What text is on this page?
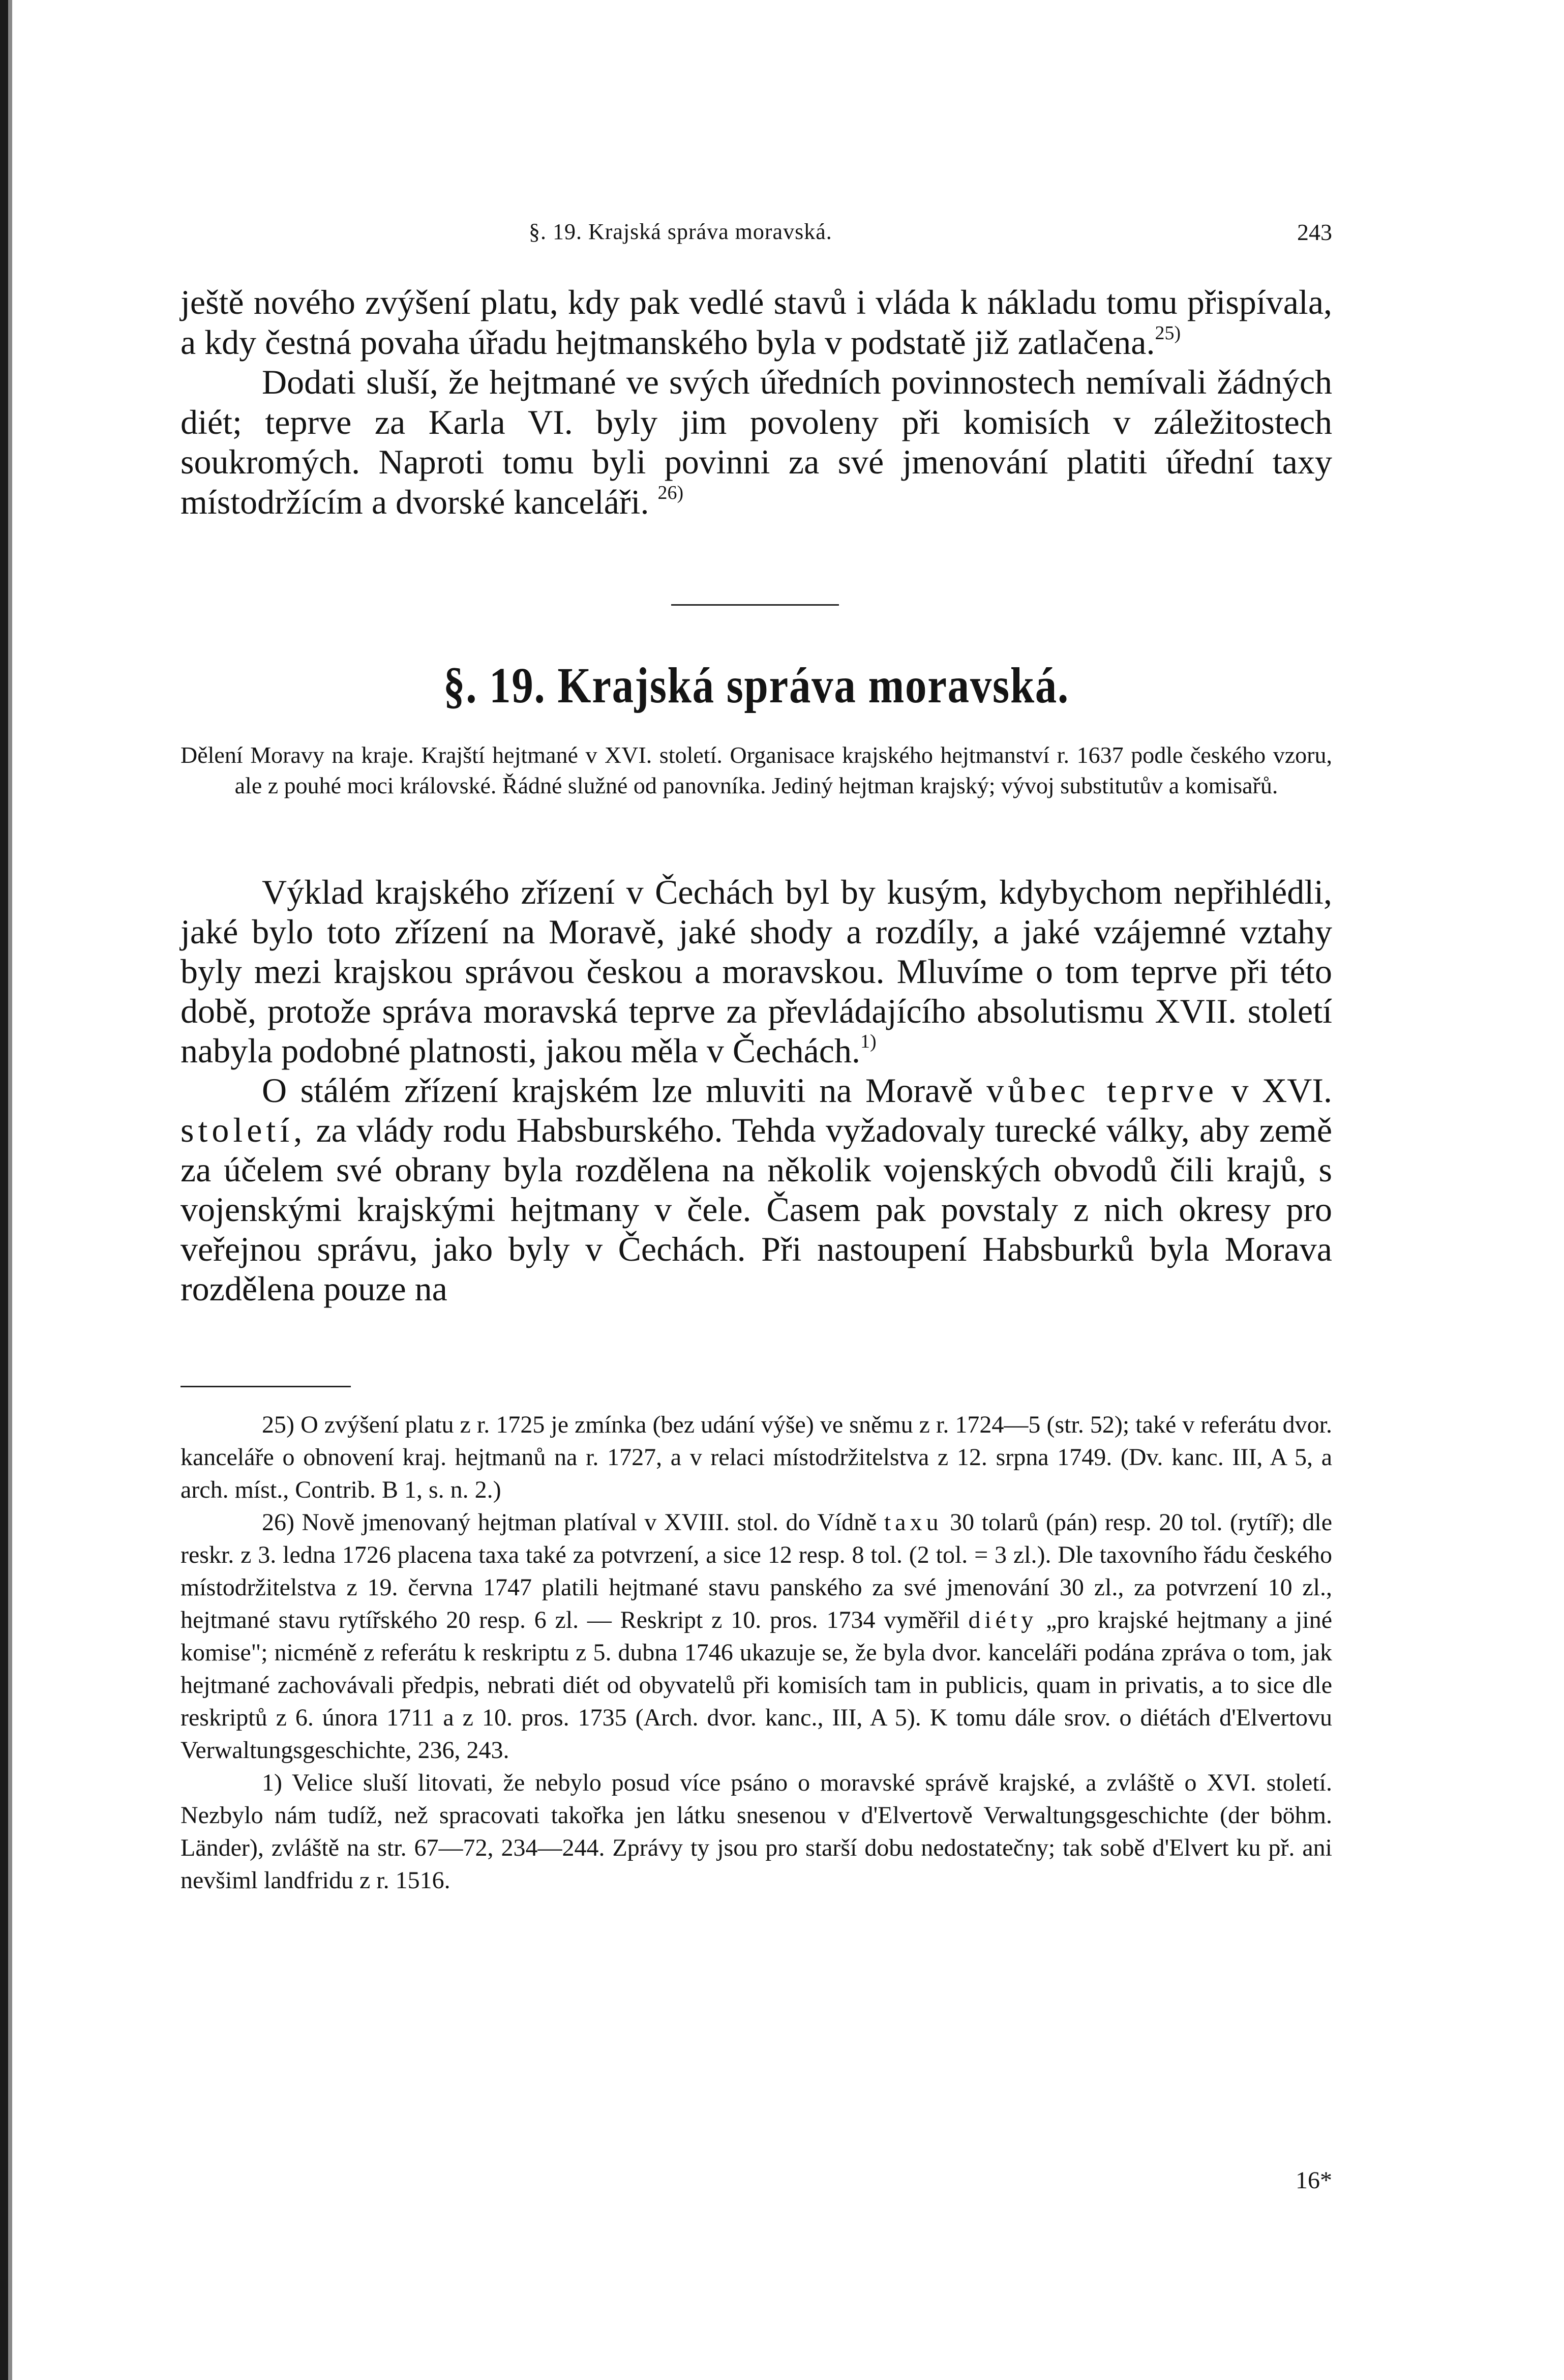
§. 19. Krajská správa moravská.	243

ještě nového zvýšení platu, kdy pak vedlé stavů i vláda k nákladu tomu přispívala, a kdy čestná povaha úřadu hejtmanského byla v podstatě již zatlačena.$^{25)}$

Dodati sluší, že hejtmané ve svých úředních povinnostech nemívali žádných diét; teprve za Karla VI. byly jim povoleny při komisích v záležitostech soukromých. Naproti tomu byli povinni za své jmenování platiti úřední taxy místodržícím a dvorské kanceláři. $^{26)}$

§. 19. Krajská správa moravská.
Dělení Moravy na kraje. Krajští hejtmané v XVI. století. Organisace krajského hejtmanství r. 1637 podle českého vzoru, ale z pouhé moci královské. Řádné služné od panovníka. Jediný hejtman krajský; vývoj substitutův a komisařů.

Výklad krajského zřízení v Čechách byl by kusým, kdybychom nepřihlédli, jaké bylo toto zřízení na Moravě, jaké shody a rozdíly, a jaké vzájemné vztahy byly mezi krajskou správou českou a moravskou. Mluvíme o tom teprve při této době, protože správa moravská teprve za převládajícího absolutismu XVII. století nabyla podobné platnosti, jakou měla v Čechách.$^{1)}$

O stálém zřízení krajském lze mluviti na Moravě vůbec teprve v XVI. století, za vlády rodu Habsburského. Tehda vyžadovaly turecké války, aby země za účelem své obrany byla rozdělena na několik vojenských obvodů čili krajů, s vojenskými krajskými hejtmany v čele. Časem pak povstaly z nich okresy pro veřejnou správu, jako byly v Čechách. Při nastoupení Habsburků byla Morava rozdělena pouze na

25) O zvýšení platu z r. 1725 je zmínka (bez udání výše) ve sněmu z r. 1724—5 (str. 52); také v referátu dvor. kanceláře o obnovení kraj. hejtmanů na r. 1727, a v relaci místodržitelstva z 12. srpna 1749. (Dv. kanc. III, A 5, a arch. míst., Contrib. B 1, s. n. 2.)

26) Nově jmenovaný hejtman platíval v XVIII. stol. do Vídně taxu 30 tolarů (pán) resp. 20 tol. (rytíř); dle reskr. z 3. ledna 1726 placena taxa také za potvrzení, a sice 12 resp. 8 tol. (2 tol. = 3 zl.). Dle taxovního řádu českého místodržitelstva z 19. června 1747 platili hejtmané stavu panského za své jmenování 30 zl., za potvrzení 10 zl., hejtmané stavu rytířského 20 resp. 6 zl. — Reskript z 10. pros. 1734 vyměřil diéty „pro krajské hejtmany a jiné komise"; nicméně z referátu k reskriptu z 5. dubna 1746 ukazuje se, že byla dvor. kanceláři podána zpráva o tom, jak hejtmané zachovávali předpis, nebrati diét od obyvatelů při komisích tam in publicis, quam in privatis, a to sice dle reskriptů z 6. února 1711 a z 10. pros. 1735 (Arch. dvor. kanc., III, A 5). K tomu dále srov. o diétách d'Elvertovu Verwaltungsgeschichte, 236, 243.

1) Velice sluší litovati, že nebylo posud více psáno o moravské správě krajské, a zvláště o XVI. století. Nezbylo nám tudíž, než spracovati takořka jen látku snesenou v d'Elvertově Verwaltungsgeschichte (der böhm. Länder), zvláště na str. 67—72, 234—244. Zprávy ty jsou pro starší dobu nedostatečny; tak sobě d'Elvert ku př. ani nevšiml landfridu z r. 1516.

16*
